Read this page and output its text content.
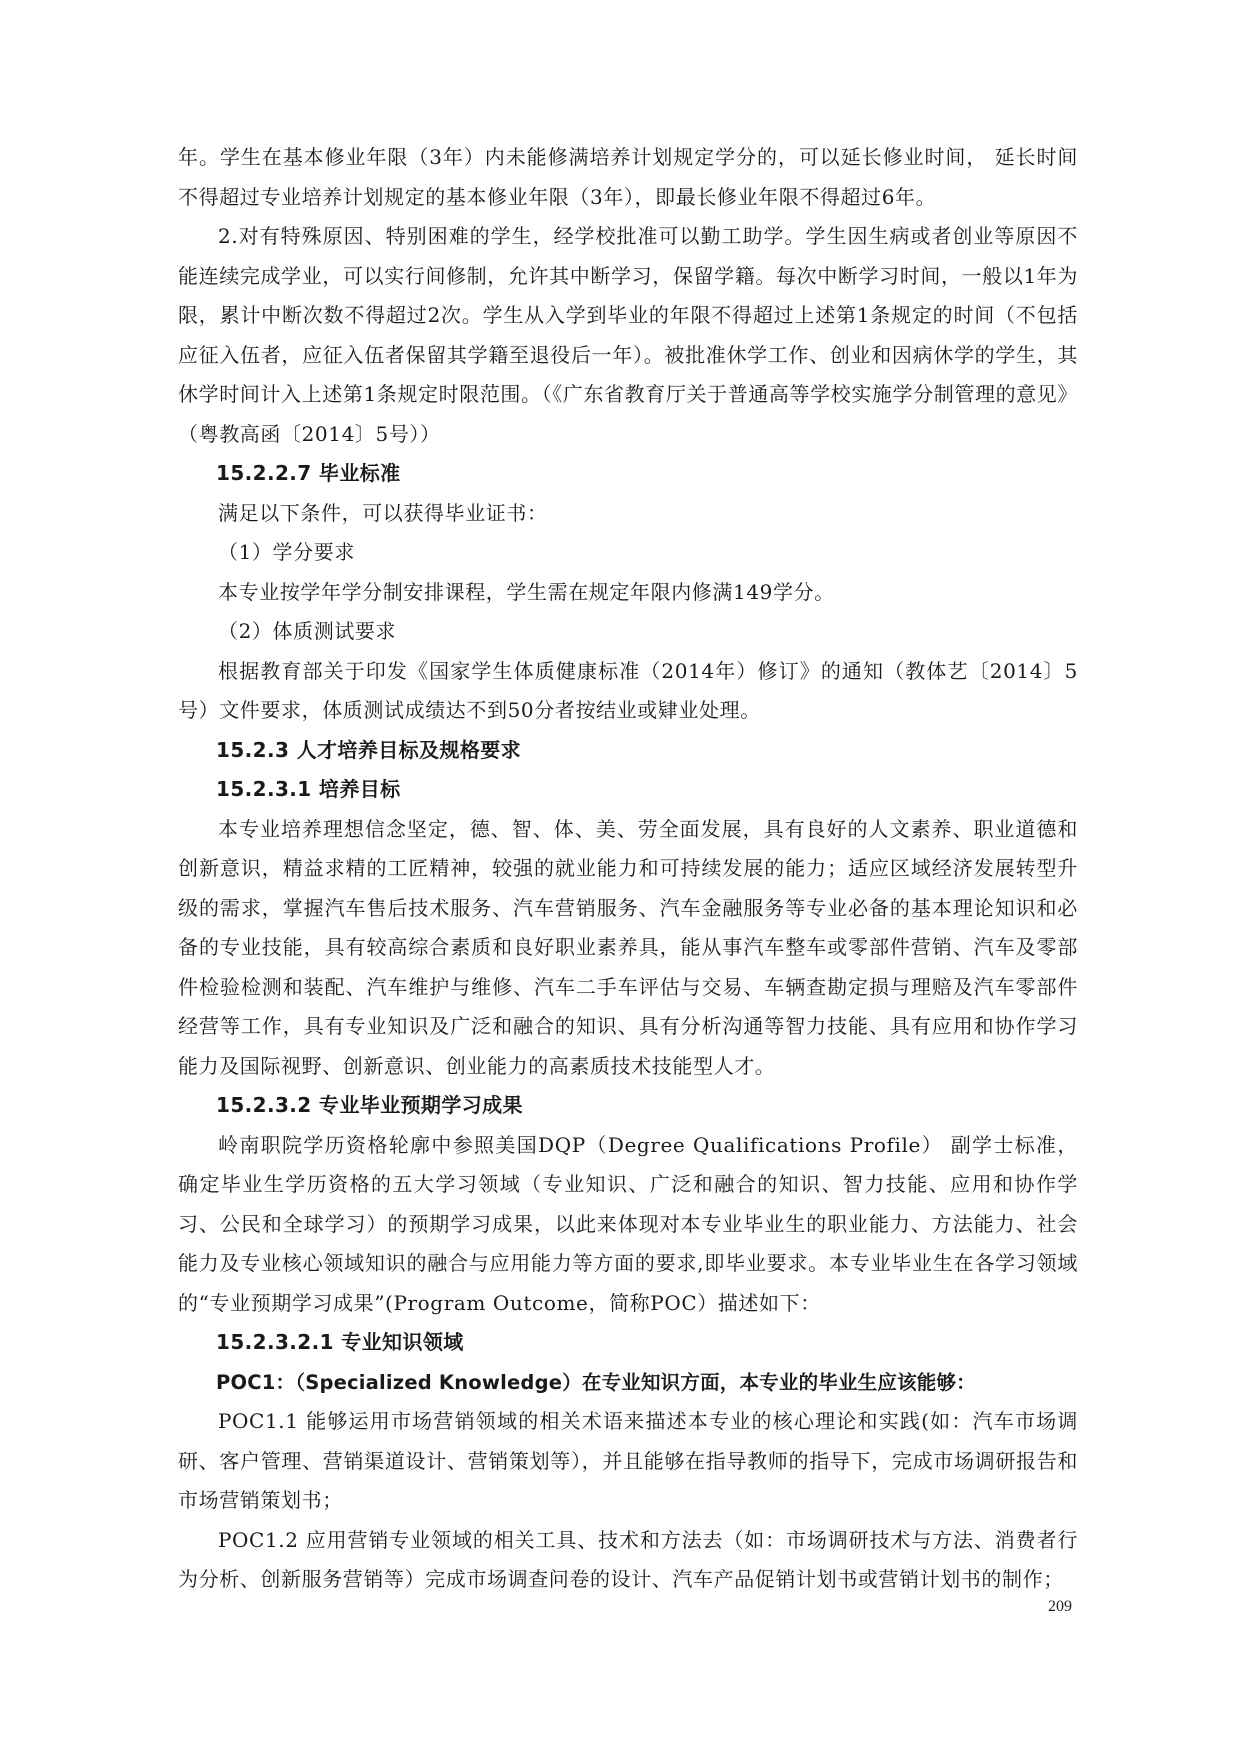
年。学生在基本修业年限（3年）内未能修满培养计划规定学分的，可以延长修业时间， 延长时间不得超过专业培养计划规定的基本修业年限（3年），即最长修业年限不得超过6年。

2.对有特殊原因、特别困难的学生，经学校批准可以勤工助学。学生因生病或者创业等原因不能连续完成学业，可以实行间修制，允许其中断学习，保留学籍。每次中断学习时间，一般以1年为限，累计中断次数不得超过2次。学生从入学到毕业的年限不得超过上述第1条规定的时间（不包括应征入伍者，应征入伍者保留其学籍至退役后一年）。被批准休学工作、创业和因病休学的学生，其休学时间计入上述第1条规定时限范围。（《广东省教育厅关于普通高等学校实施学分制管理的意见》（粤教高函〔2014〕5号））

15.2.2.7 毕业标准

满足以下条件，可以获得毕业证书：

（1）学分要求

本专业按学年学分制安排课程，学生需在规定年限内修满149学分。

（2）体质测试要求

根据教育部关于印发《国家学生体质健康标准（2014年）修订》的通知（教体艺〔2014〕5号）文件要求，体质测试成绩达不到50分者按结业或肄业处理。

15.2.3 人才培养目标及规格要求

15.2.3.1 培养目标

本专业培养理想信念坚定，德、智、体、美、劳全面发展，具有良好的人文素养、职业道德和创新意识，精益求精的工匠精神，较强的就业能力和可持续发展的能力；适应区域经济发展转型升级的需求，掌握汽车售后技术服务、汽车营销服务、汽车金融服务等专业必备的基本理论知识和必备的专业技能，具有较高综合素质和良好职业素养具，能从事汽车整车或零部件营销、汽车及零部件检验检测和装配、汽车维护与维修、汽车二手车评估与交易、车辆查勘定损与理赔及汽车零部件经营等工作，具有专业知识及广泛和融合的知识、具有分析沟通等智力技能、具有应用和协作学习能力及国际视野、创新意识、创业能力的高素质技术技能型人才。

15.2.3.2 专业毕业预期学习成果

岭南职院学历资格轮廓中参照美国DQP（Degree Qualifications Profile） 副学士标准，确定毕业生学历资格的五大学习领域（专业知识、广泛和融合的知识、智力技能、应用和协作学习、公民和全球学习）的预期学习成果，以此来体现对本专业毕业生的职业能力、方法能力、社会能力及专业核心领域知识的融合与应用能力等方面的要求,即毕业要求。本专业毕业生在各学习领域的“专业预期学习成果”(Program Outcome，简称POC）描述如下：

15.2.3.2.1 专业知识领域

POC1：（Specialized Knowledge）在专业知识方面，本专业的毕业生应该能够：

POC1.1 能够运用市场营销领域的相关术语来描述本专业的核心理论和实践(如：汽车市场调研、客户管理、营销渠道设计、营销策划等），并且能够在指导教师的指导下，完成市场调研报告和市场营销策划书；

POC1.2 应用营销专业领域的相关工具、技术和方法去（如：市场调研技术与方法、消费者行为分析、创新服务营销等）完成市场调查问卷的设计、汽车产品促销计划书或营销计划书的制作；

209
